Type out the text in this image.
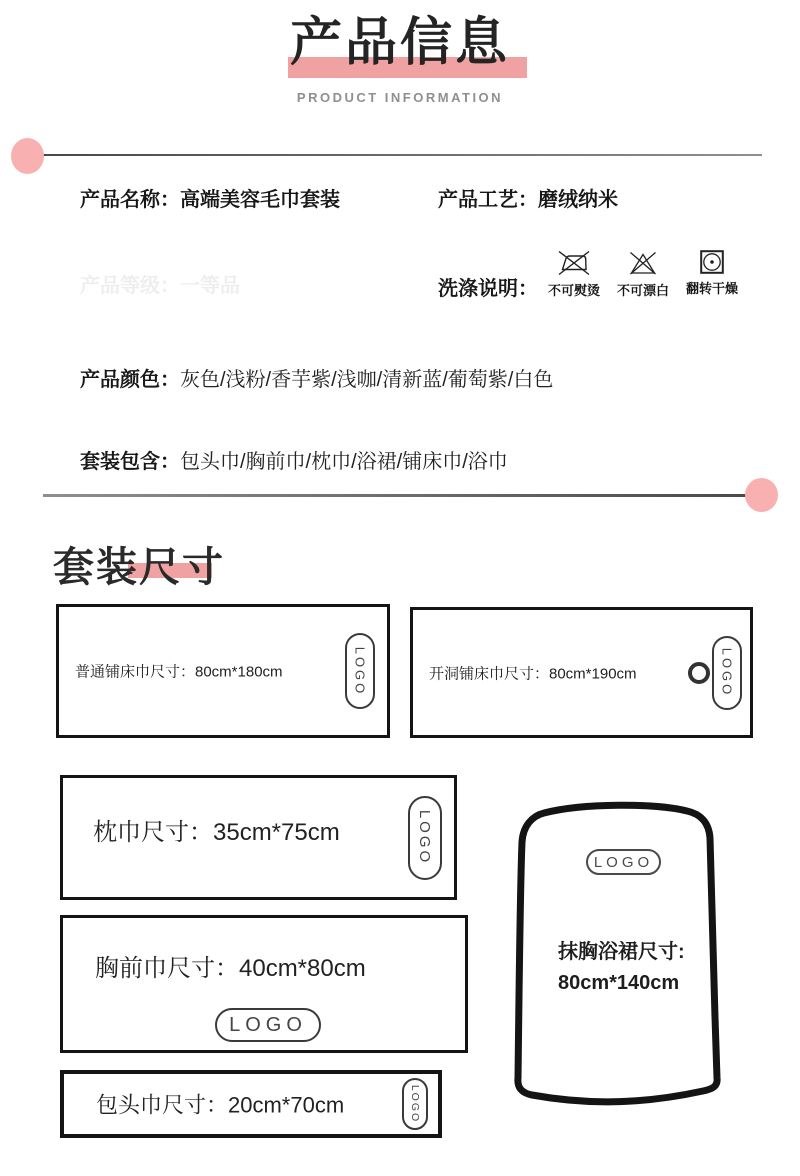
产品信息
PRODUCT INFORMATION
产品名称：高端美容毛巾套装	产品工艺：磨绒纳米
产品等级：一等品	洗涤说明： 不可熨烫 不可漂白 翻转干燥
产品颜色：灰色/浅粉/香芋紫/浅咖/清新蓝/葡萄紫/白色
套装包含：包头巾/胸前巾/枕巾/浴裙/铺床巾/浴巾
套装尺寸
普通铺床巾尺寸：80cm*180cm	LOGO	开洞铺床巾尺寸：80cm*190cm	LOGO
枕巾尺寸：35cm*75cm	LOGO
胸前巾尺寸：40cm*80cm
LOGO
包头巾尺寸：20cm*70cm	LOGO
LOGO
抹胸浴裙尺寸:
80cm*140cm
